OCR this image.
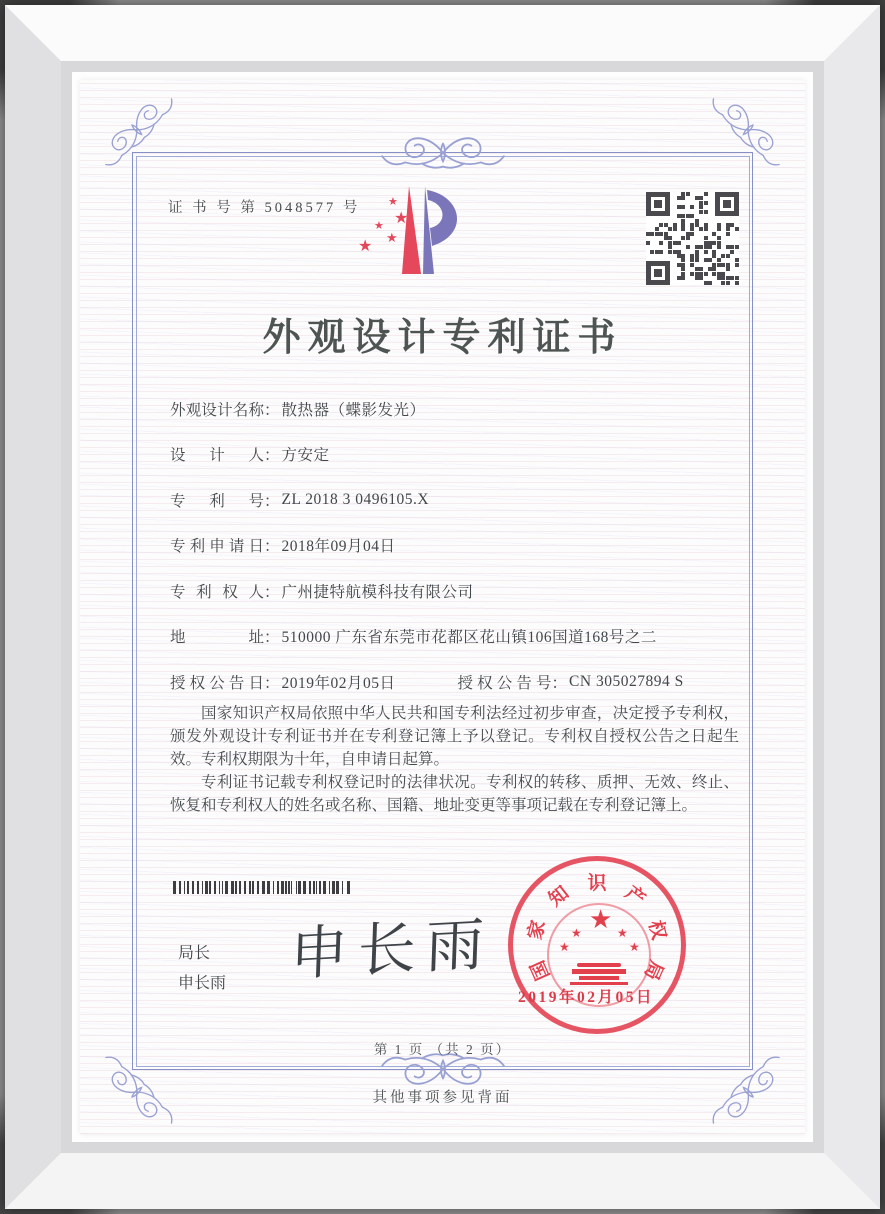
证 书 号 第 5048577 号	★
★
★
★
★
外观设计专利证书
外观设计名称 ： 散热器（蝶影发光）
设计人 ： 方安定
专利号 ： ZL 2018 3 0496105.X
专利申请日 ： 2018年09月04日
专利权人 ： 广州捷特航模科技有限公司
地址 ： 510000 广东省东莞市花都区花山镇106国道168号之二
授权公告日 ： 2019年02月05日	授权公告号 ： CN 305027894 S

国家知识产权局依照中华人民共和国专利法经过初步审查，决定授予专利权，颁发外观设计专利证书并在专利登记簿上予以登记。专利权自授权公告之日起生效。专利权期限为十年，自申请日起算。

专利证书记载专利权登记时的法律状况。专利权的转移、质押、无效、终止、恢复和专利权人的姓名或名称、国籍、地址变更等事项记载在专利登记簿上。

局长
申长雨 申长雨 国
家
知 识 产
权
局
★
★
★
★
★
2019年02月05日
第 1 页 （共 2 页）
其他事项参见背面
